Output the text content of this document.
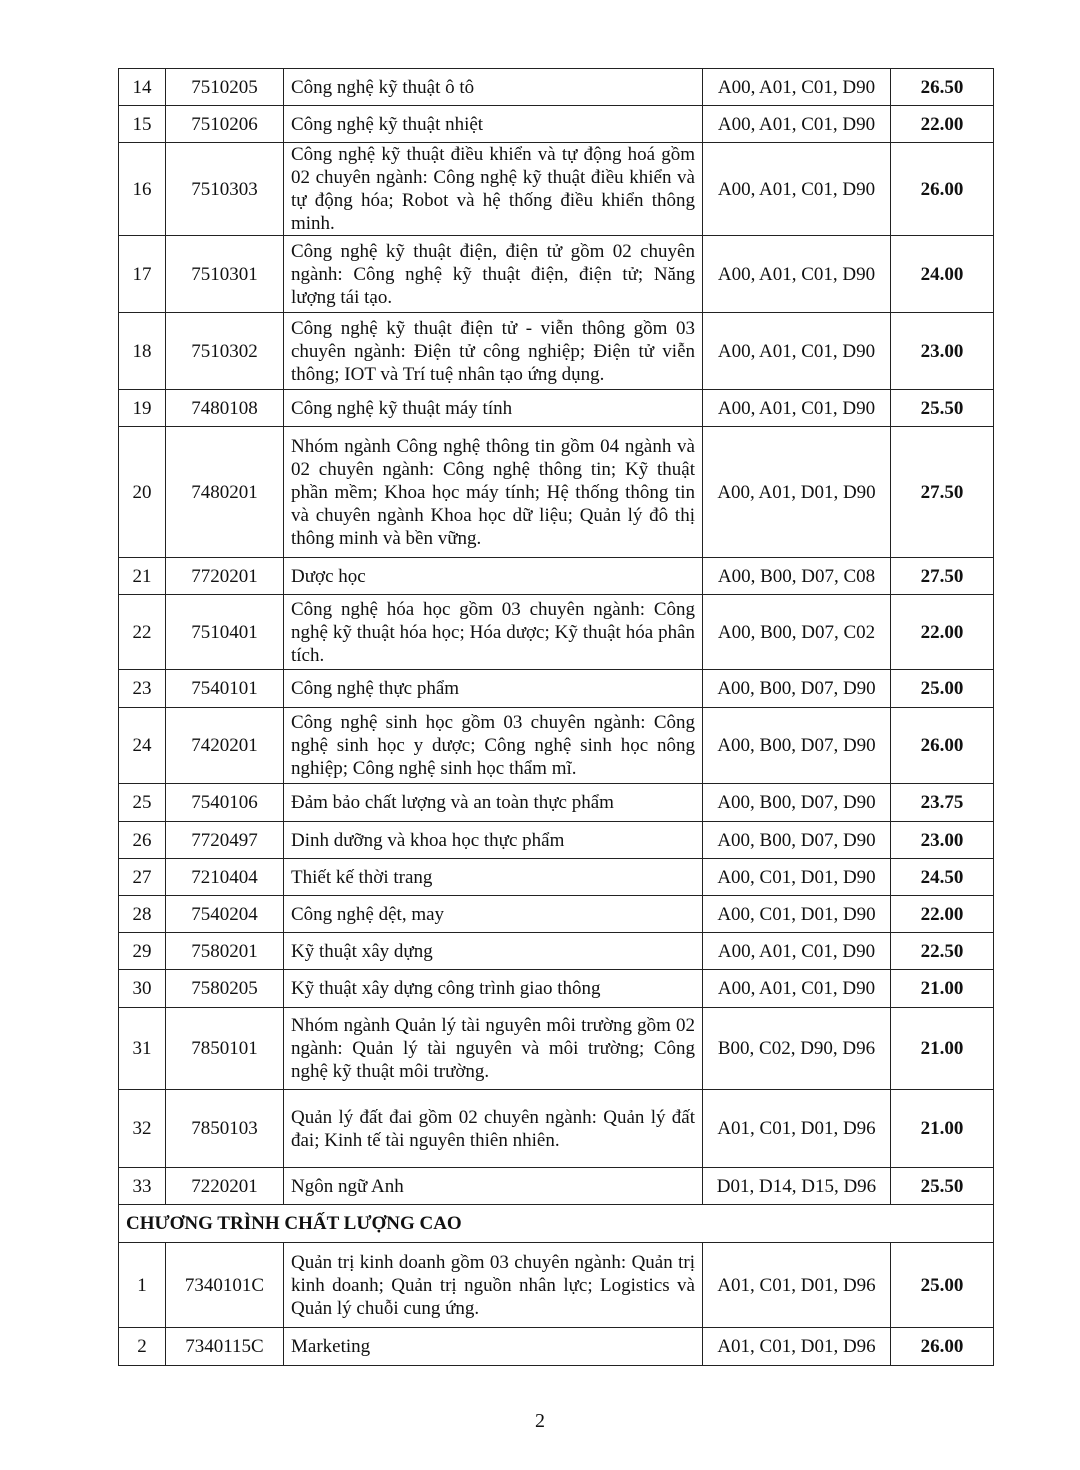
14	7510205	Công nghệ kỹ thuật ô tô	A00, A01, C01, D90	26.50
15	7510206	Công nghệ kỹ thuật nhiệt	A00, A01, C01, D90	22.00
16	7510303	Công nghệ kỹ thuật điều khiển và tự động hoá gồm 02 chuyên ngành: Công nghệ kỹ thuật điều khiển và tự động hóa; Robot và hệ thống điều khiển thông minh.	A00, A01, C01, D90	26.00
17	7510301	Công nghệ kỹ thuật điện, điện tử gồm 02 chuyên ngành: Công nghệ kỹ thuật điện, điện tử; Năng lượng tái tạo.	A00, A01, C01, D90	24.00
18	7510302	Công nghệ kỹ thuật điện tử - viễn thông gồm 03 chuyên ngành: Điện tử công nghiệp; Điện tử viễn thông; IOT và Trí tuệ nhân tạo ứng dụng.	A00, A01, C01, D90	23.00
19	7480108	Công nghệ kỹ thuật máy tính	A00, A01, C01, D90	25.50
20	7480201	Nhóm ngành Công nghệ thông tin gồm 04 ngành và 02 chuyên ngành: Công nghệ thông tin; Kỹ thuật phần mềm; Khoa học máy tính; Hệ thống thông tin và chuyên ngành Khoa học dữ liệu; Quản lý đô thị thông minh và bền vững.	A00, A01, D01, D90	27.50
21	7720201	Dược học	A00, B00, D07, C08	27.50
22	7510401	Công nghệ hóa học gồm 03 chuyên ngành: Công nghệ kỹ thuật hóa học; Hóa dược; Kỹ thuật hóa phân tích.	A00, B00, D07, C02	22.00
23	7540101	Công nghệ thực phẩm	A00, B00, D07, D90	25.00
24	7420201	Công nghệ sinh học gồm 03 chuyên ngành: Công nghệ sinh học y dược; Công nghệ sinh học nông nghiệp; Công nghệ sinh học thẩm mĩ.	A00, B00, D07, D90	26.00
25	7540106	Đảm bảo chất lượng và an toàn thực phẩm	A00, B00, D07, D90	23.75
26	7720497	Dinh dưỡng và khoa học thực phẩm	A00, B00, D07, D90	23.00
27	7210404	Thiết kế thời trang	A00, C01, D01, D90	24.50
28	7540204	Công nghệ dệt, may	A00, C01, D01, D90	22.00
29	7580201	Kỹ thuật xây dựng	A00, A01, C01, D90	22.50
30	7580205	Kỹ thuật xây dựng công trình giao thông	A00, A01, C01, D90	21.00
31	7850101	Nhóm ngành Quản lý tài nguyên môi trường gồm 02 ngành: Quản lý tài nguyên và môi trường; Công nghệ kỹ thuật môi trường.	B00, C02, D90, D96	21.00
32	7850103	Quản lý đất đai gồm 02 chuyên ngành: Quản lý đất đai; Kinh tế tài nguyên thiên nhiên.	A01, C01, D01, D96	21.00
33	7220201	Ngôn ngữ Anh	D01, D14, D15, D96	25.50
CHƯƠNG TRÌNH CHẤT LƯỢNG CAO				
1	7340101C	Quản trị kinh doanh gồm 03 chuyên ngành: Quản trị kinh doanh; Quản trị nguồn nhân lực; Logistics và Quản lý chuỗi cung ứng.	A01, C01, D01, D96	25.00
2	7340115C	Marketing	A01, C01, D01, D96	26.00
2
